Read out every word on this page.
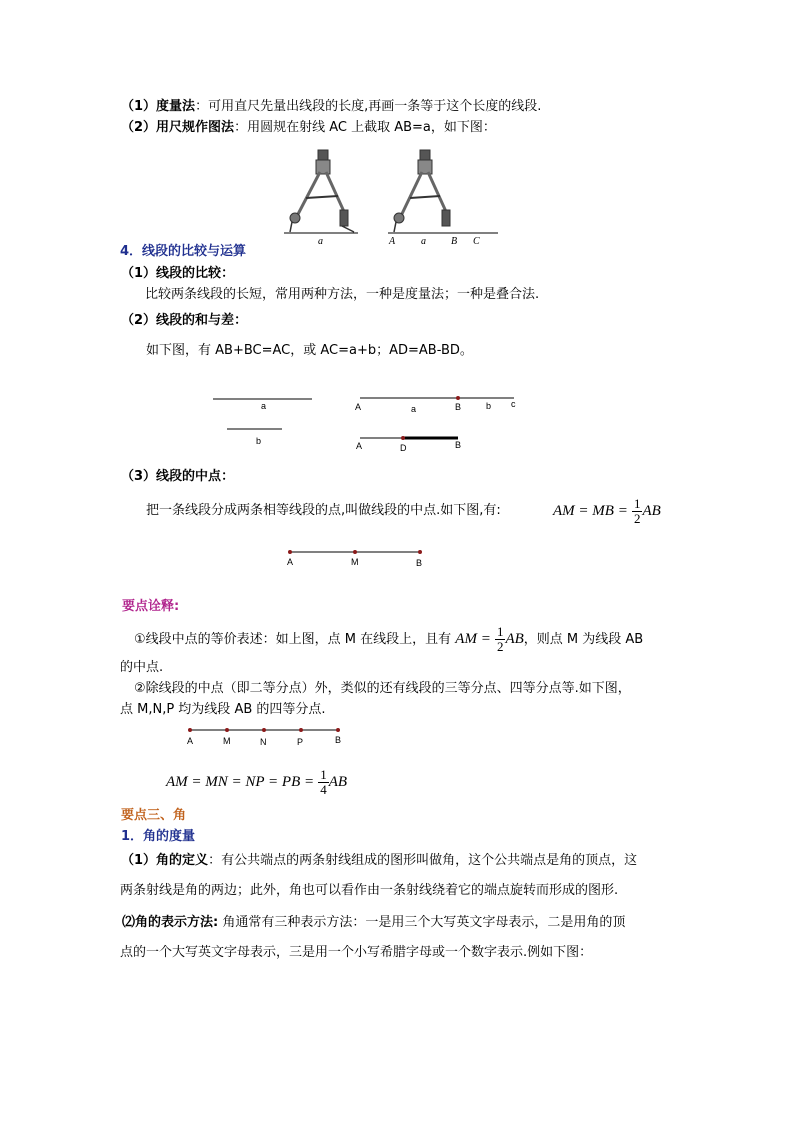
（1）度量法：可用直尺先量出线段的长度,再画一条等于这个长度的线段.
（2）用尺规作图法：用圆规在射线 AC 上截取 AB=a，如下图：
a	A	a	B C
4．线段的比较与运算
（1）线段的比较：
比较两条线段的长短，常用两种方法，一种是度量法；一种是叠合法.
（2）线段的和与差：
如下图，有 AB+BC=AC，或 AC=a+b；AD=AB-BD。
a
b
A	a	B	b c
A	D	B
（3）线段的中点：
把一条线段分成两条相等线段的点,叫做线段的中点.如下图,有:	AM = MB = $\frac{1}{2}$ AB
A	M	B
要点诠释:
①线段中点的等价表述：如上图，点 M 在线段上，且有 AM = $\frac{1}{2}$ AB，则点 M 为线段 AB
的中点.
②除线段的中点（即二等分点）外，类似的还有线段的三等分点、四等分点等.如下图，
点 M,N,P 均为线段 AB 的四等分点.
A	M	N	P	B
AM = MN = NP = PB = $\frac{1}{4}$ AB
要点三、角
1．角的度量
（1）角的定义：有公共端点的两条射线组成的图形叫做角，这个公共端点是角的顶点，这
两条射线是角的两边；此外，角也可以看作由一条射线绕着它的端点旋转而形成的图形.
⑵角的表示方法: 角通常有三种表示方法：一是用三个大写英文字母表示，二是用角的顶
点的一个大写英文字母表示，三是用一个小写希腊字母或一个数字表示.例如下图：
